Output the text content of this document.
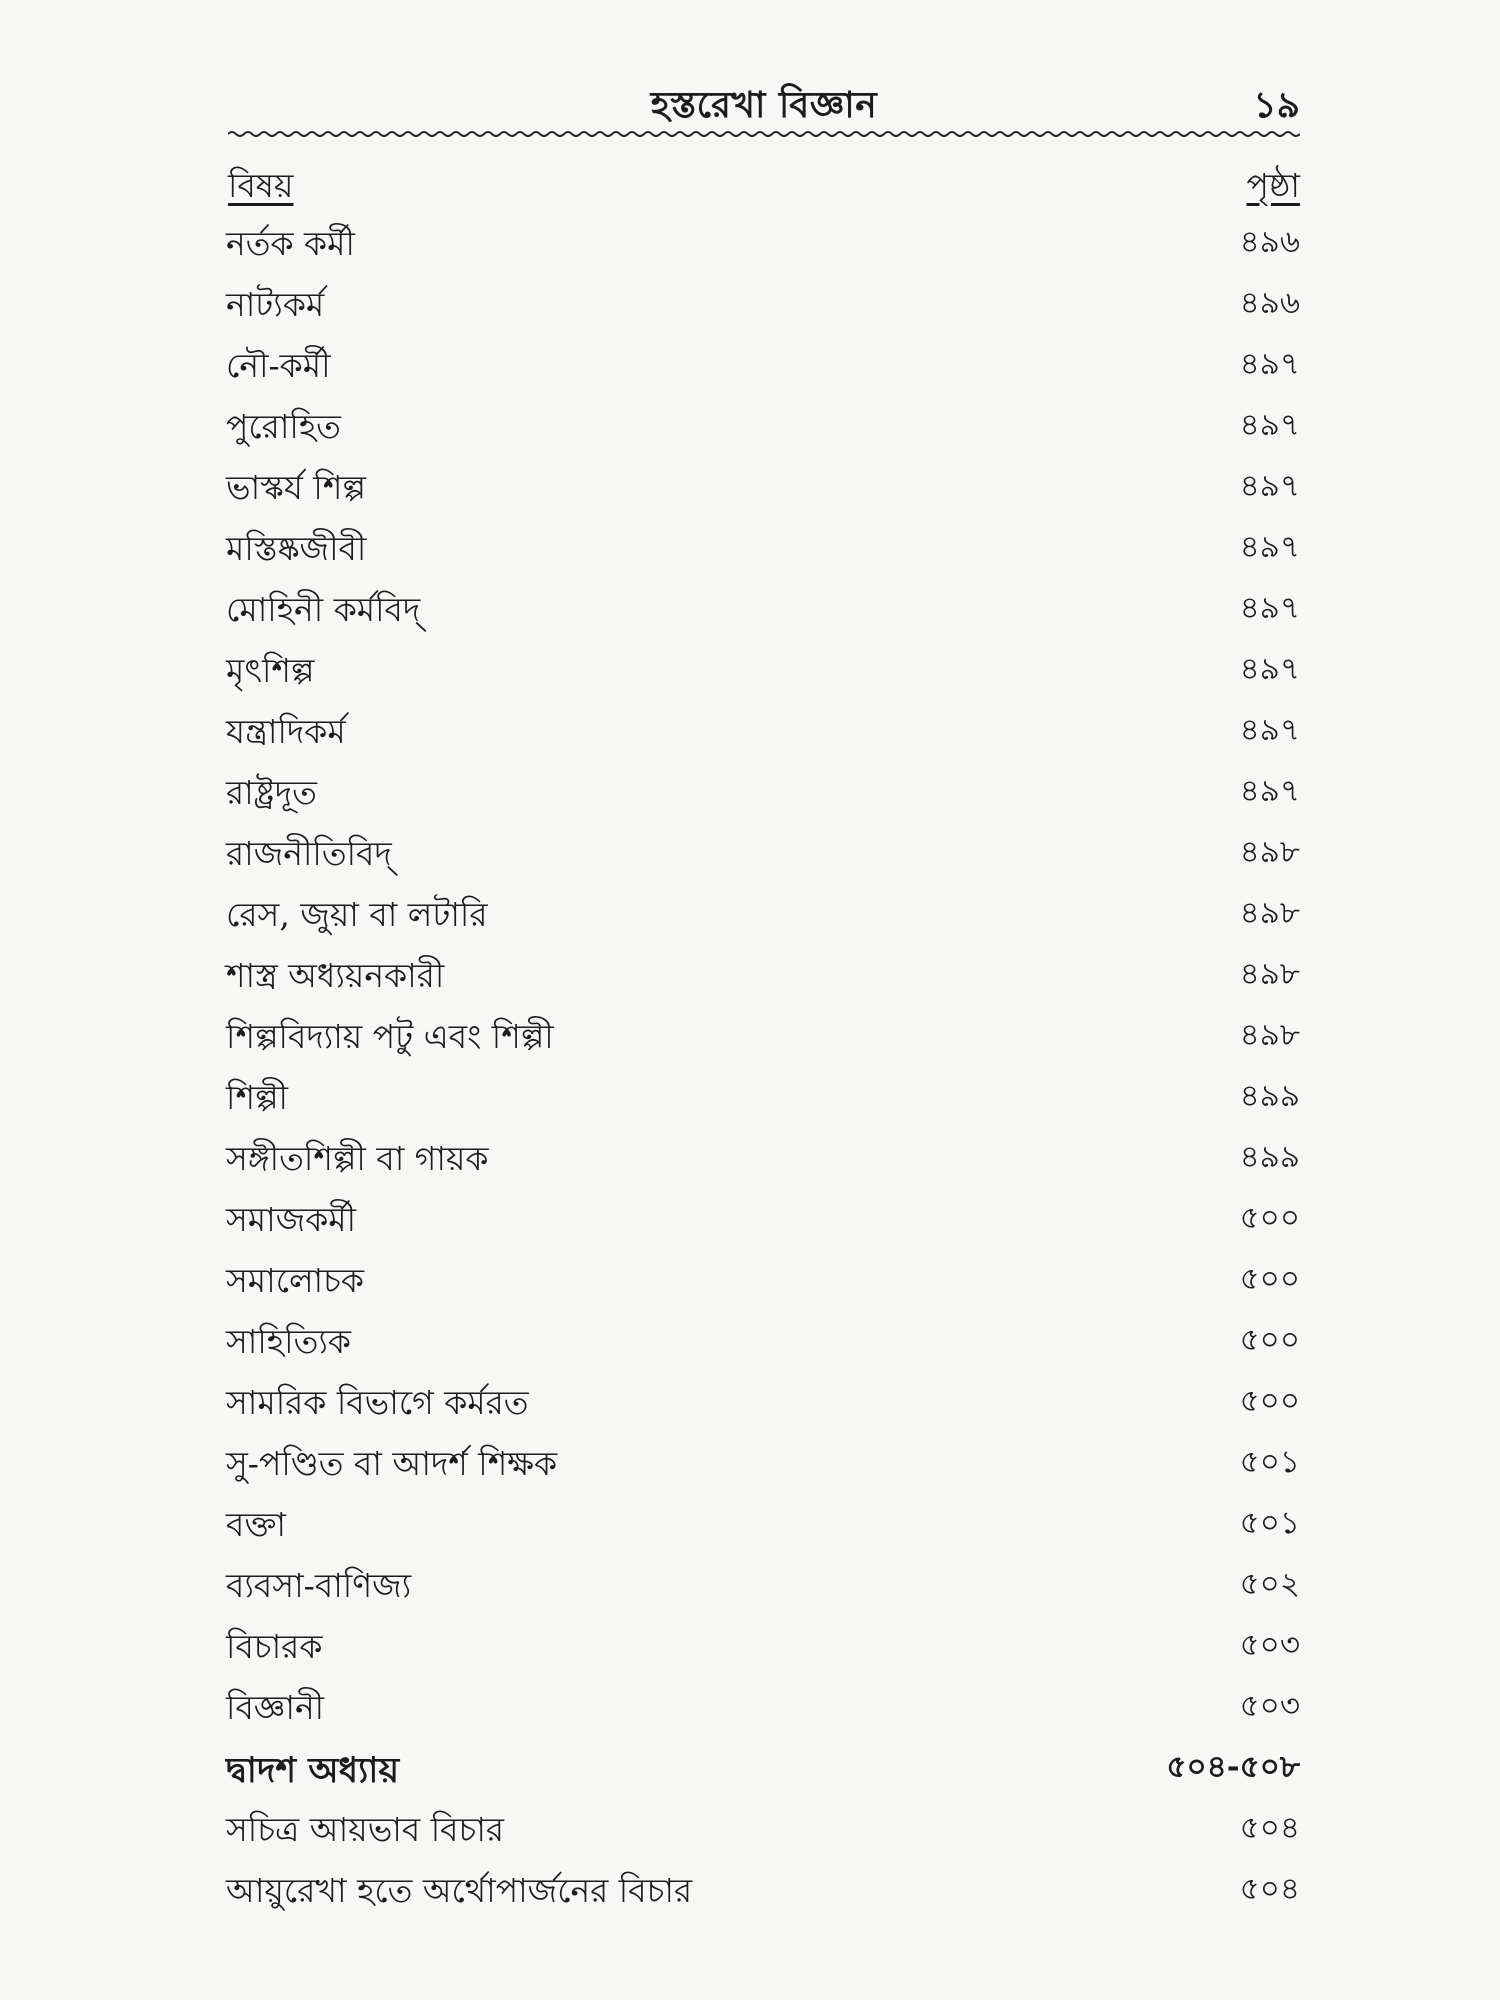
হস্তরেখা বিজ্ঞান	১৯
বিষয়	পৃষ্ঠা
নর্তক কর্মী	৪৯৬
নাট্যকর্ম	৪৯৬
নৌ-কর্মী	৪৯৭
পুরোহিত	৪৯৭
ভাস্কর্য শিল্প	৪৯৭
মস্তিষ্কজীবী	৪৯৭
মোহিনী কর্মবিদ্	৪৯৭
মৃৎশিল্প	৪৯৭
যন্ত্রাদিকর্ম	৪৯৭
রাষ্ট্রদূত	৪৯৭
রাজনীতিবিদ্	৪৯৮
রেস, জুয়া বা লটারি	৪৯৮
শাস্ত্র অধ্যয়নকারী	৪৯৮
শিল্পবিদ্যায় পটু এবং শিল্পী	৪৯৮
শিল্পী	৪৯৯
সঙ্গীতশিল্পী বা গায়ক	৪৯৯
সমাজকর্মী	৫০০
সমালোচক	৫০০
সাহিত্যিক	৫০০
সামরিক বিভাগে কর্মরত	৫০০
সু-পণ্ডিত বা আদর্শ শিক্ষক	৫০১
বক্তা	৫০১
ব্যবসা-বাণিজ্য	৫০২
বিচারক	৫০৩
বিজ্ঞানী	৫০৩
দ্বাদশ অধ্যায়	৫০৪-৫০৮
সচিত্র আয়ভাব বিচার	৫০৪
আয়ুরেখা হতে অর্থোপার্জনের বিচার	৫০৪
